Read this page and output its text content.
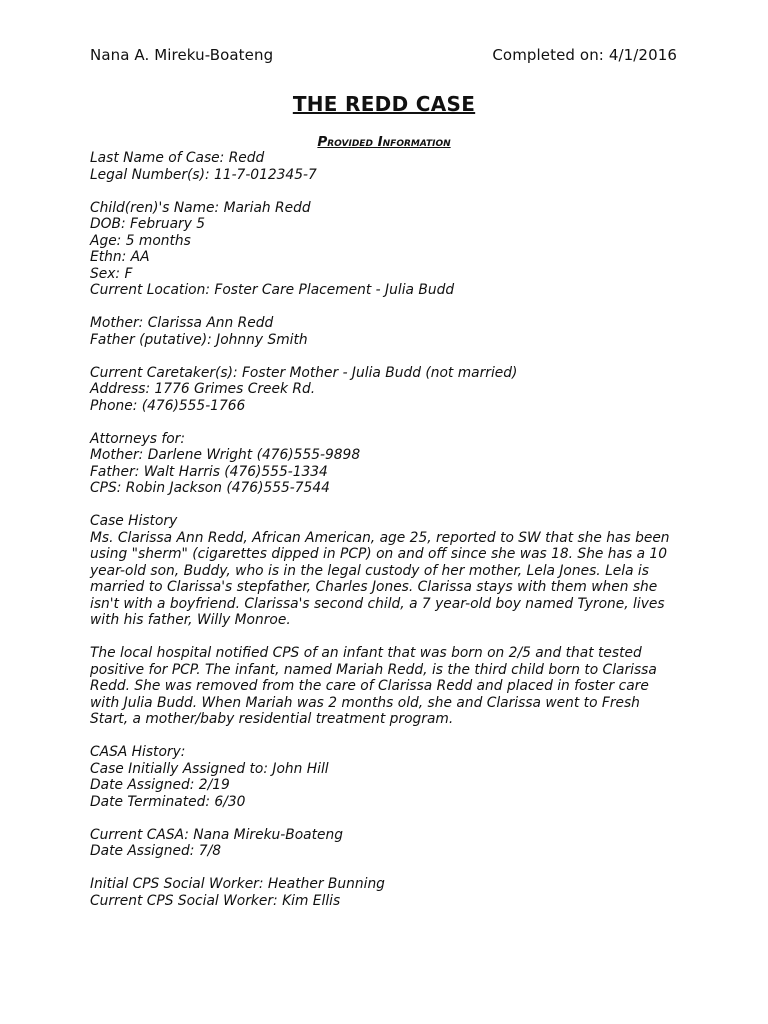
Nana A. Mireku-Boateng	Completed on: 4/1/2016
THE REDD CASE
Provided Information
Last Name of Case: Redd
Legal Number(s): 11-7-012345-7
Child(ren)'s Name: Mariah Redd
DOB: February 5
Age: 5 months
Ethn: AA
Sex: F
Current Location: Foster Care Placement - Julia Budd
Mother: Clarissa Ann Redd
Father (putative): Johnny Smith
Current Caretaker(s): Foster Mother - Julia Budd (not married)
Address: 1776 Grimes Creek Rd.
Phone: (476)555-1766
Attorneys for:
Mother: Darlene Wright (476)555-9898
Father: Walt Harris (476)555-1334
CPS: Robin Jackson (476)555-7544
Case History
Ms. Clarissa Ann Redd, African American, age 25, reported to SW that she has been
using "sherm" (cigarettes dipped in PCP) on and off since she was 18. She has a 10
year-old son, Buddy, who is in the legal custody of her mother, Lela Jones. Lela is
married to Clarissa's stepfather, Charles Jones. Clarissa stays with them when she
isn't with a boyfriend. Clarissa's second child, a 7 year-old boy named Tyrone, lives
with his father, Willy Monroe.
The local hospital notified CPS of an infant that was born on 2/5 and that tested
positive for PCP. The infant, named Mariah Redd, is the third child born to Clarissa
Redd. She was removed from the care of Clarissa Redd and placed in foster care
with Julia Budd. When Mariah was 2 months old, she and Clarissa went to Fresh
Start, a mother/baby residential treatment program.
CASA History:
Case Initially Assigned to: John Hill
Date Assigned: 2/19
Date Terminated: 6/30
Current CASA: Nana Mireku-Boateng
Date Assigned: 7/8
Initial CPS Social Worker: Heather Bunning
Current CPS Social Worker: Kim Ellis
